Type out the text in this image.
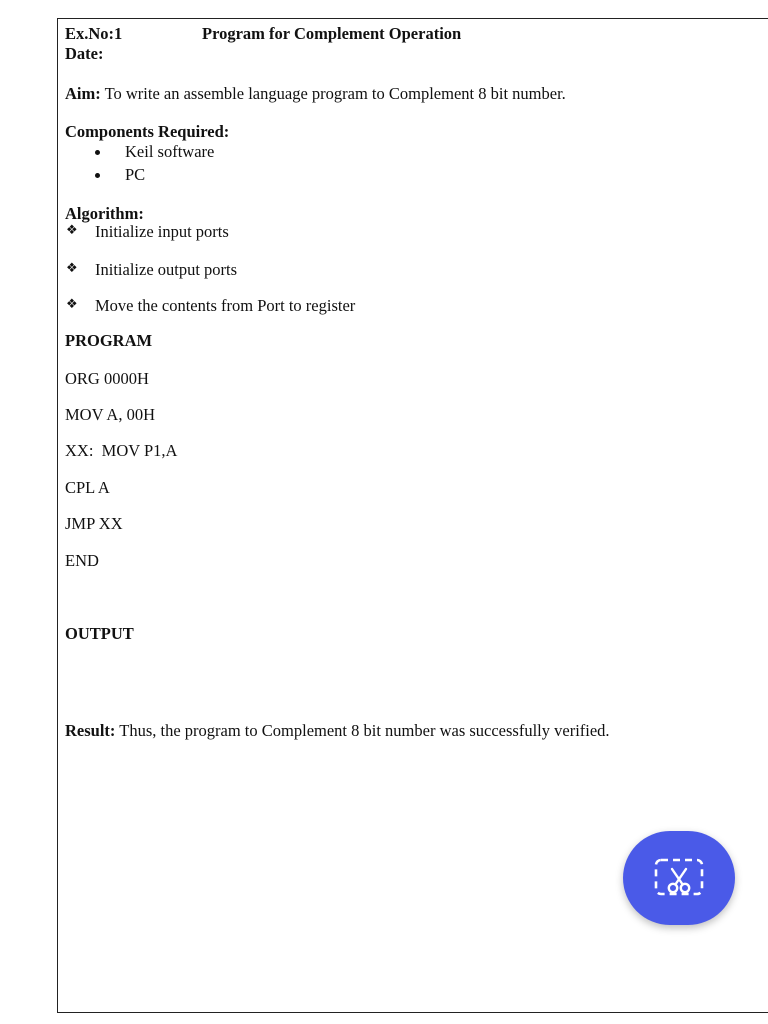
Ex.No:1	Program for Complement Operation
Date:
Aim: To write an assemble language program to Complement 8 bit number.
Components Required:
Keil software
PC
Algorithm:
❖ Initialize input ports
❖ Initialize output ports
❖ Move the contents from Port to register
PROGRAM
ORG 0000H
MOV A, 00H
XX:  MOV P1,A
CPL A
JMP XX
END
OUTPUT
Result: Thus, the program to Complement 8 bit number was successfully verified.
